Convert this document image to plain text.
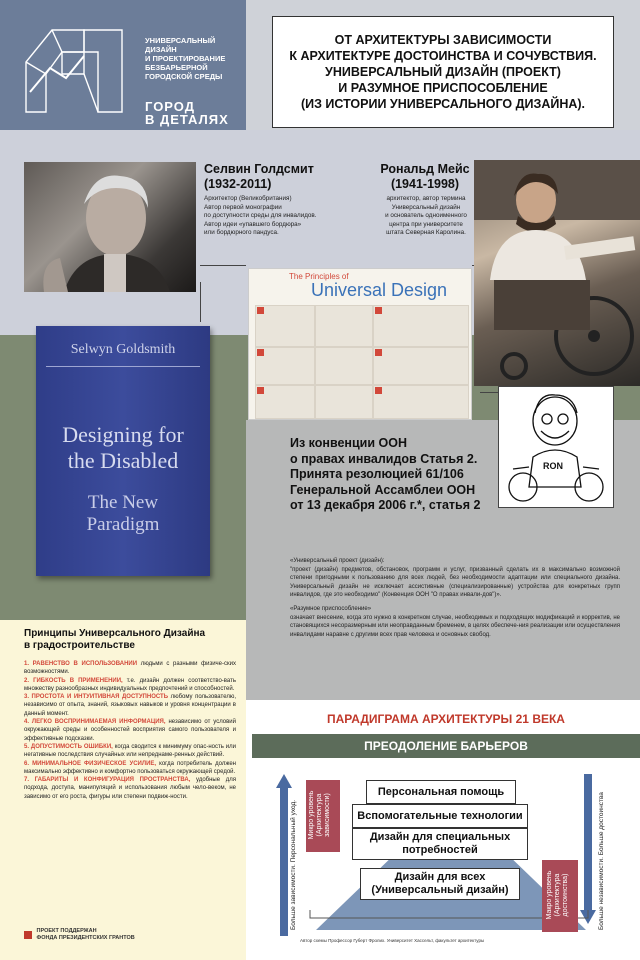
УНИВЕРСАЛЬНЫЙ
ДИЗАЙН
И ПРОЕКТИРОВАНИЕ
БЕЗБАРЬЕРНОЙ
ГОРОДСКОЙ СРЕДЫ
ГОРОД
В ДЕТАЛЯХ
ОТ АРХИТЕКТУРЫ ЗАВИСИМОСТИ
К АРХИТЕКТУРЕ ДОСТОИНСТВА И СОЧУВСТВИЯ.
УНИВЕРСАЛЬНЫЙ ДИЗАЙН (ПРОЕКТ)
И РАЗУМНОЕ ПРИСПОСОБЛЕНИЕ
(ИЗ ИСТОРИИ УНИВЕРСАЛЬНОГО ДИЗАЙНА).
Селвин Голдсмит
(1932-2011)
Архитектор (Великобритания)
Автор первой монографии
по доступности среды для инвалидов.
Автор идеи «упавшего бордюра»
или бордюрного пандуса.
Рональд Мейс
(1941-1998)
архитектор, автор термина
Универсальный дизайн
и основатель одноименного
центра при университете
штата Северная Каролина.
The Principles of
Universal Design
Selwyn Goldsmith
Designing for
the Disabled
The New
Paradigm
RON
Из конвенции ООН
о правах инвалидов Статья 2.
Принята резолюцией 61/106
Генеральной Ассамблеи ООН
от 13 декабря 2006 г.*, статья 2

«Универсальный проект (дизайн):

"проект (дизайн) предметов, обстановок, программ и услуг, призванный сделать их в максимально возможной степени пригодными к пользованию для всех людей, без необходимости адаптации или специального дизайна. Универсальный дизайн не исключает ассистивные (специализированные) устройства для конкретных групп инвалидов, где это необходимо" (Конвенция ООН "О правах инвали-дов")».

«Разумное приспособление»

означает внесение, когда это нужно в конкретном случае, необходимых и подходящих модификаций и корректив, не становящихся несоразмерным или неоправданным бременем, в целях обеспече-ния реализации или осуществления инвалидами наравне с другими всех прав человека и основных свобод.

Принципы Универсального Дизайна
в градостроительстве

1. РАВЕНСТВО В ИСПОЛЬЗОВАНИИ людьми с разными физиче-ских возможностями.

2. ГИБКОСТЬ В ПРИМЕНЕНИИ, т.е. дизайн должен соответство-вать множеству разнообразных индивидуальных предпочтений и способностей.

3. ПРОСТОТА И ИНТУИТИВНАЯ ДОСТУПНОСТЬ любому пользователю, независимо от опыта, знаний, языковых навыков и уровня концентрации в данный момент.

4. ЛЕГКО ВОСПРИНИМАЕМАЯ ИНФОРМАЦИЯ, независимо от условий окружающей среды и особенностей восприятия самого пользователя и эффективные подсказки.

5. ДОПУСТИМОСТЬ ОШИБКИ, когда сводится к минимуму опас-ность или негативные последствия случайных или непреднаме-ренных действий.

6. МИНИМАЛЬНОЕ ФИЗИЧЕСКОЕ УСИЛИЕ, когда потребитель должен максимально эффективно и комфортно пользоваться окружающей средой.

7. ГАБАРИТЫ И КОНФИГУРАЦИЯ ПРОСТРАНСТВА, удобные для подхода, доступа, манипуляций и использования любым чело-веком, не зависимо от его роста, фигуры или степени подвиж-ности.

ПАРАДИГРАМА АРХИТЕКТУРЫ 21 ВЕКА
ПРЕОДОЛЕНИЕ БАРЬЕРОВ
Персональная помощь
Вспомогательные технологии
Дизайн для специальных
потребностей
Дизайн для всех
(Универсальный дизайн)
Микро уровень (Архитектура зависимости)
Макро уровень (Архитектура достоинства)
Больше зависимости. Персональный уход.	Больше независимости. Больше достоинства

ПРОЕКТ ПОДДЕРЖАН
ФОНДА ПРЕЗИДЕНТСКИХ ГРАНТОВ	Автор схемы Профессор Губерт Фролих. Университет Хассельт, факультет архитектуры
